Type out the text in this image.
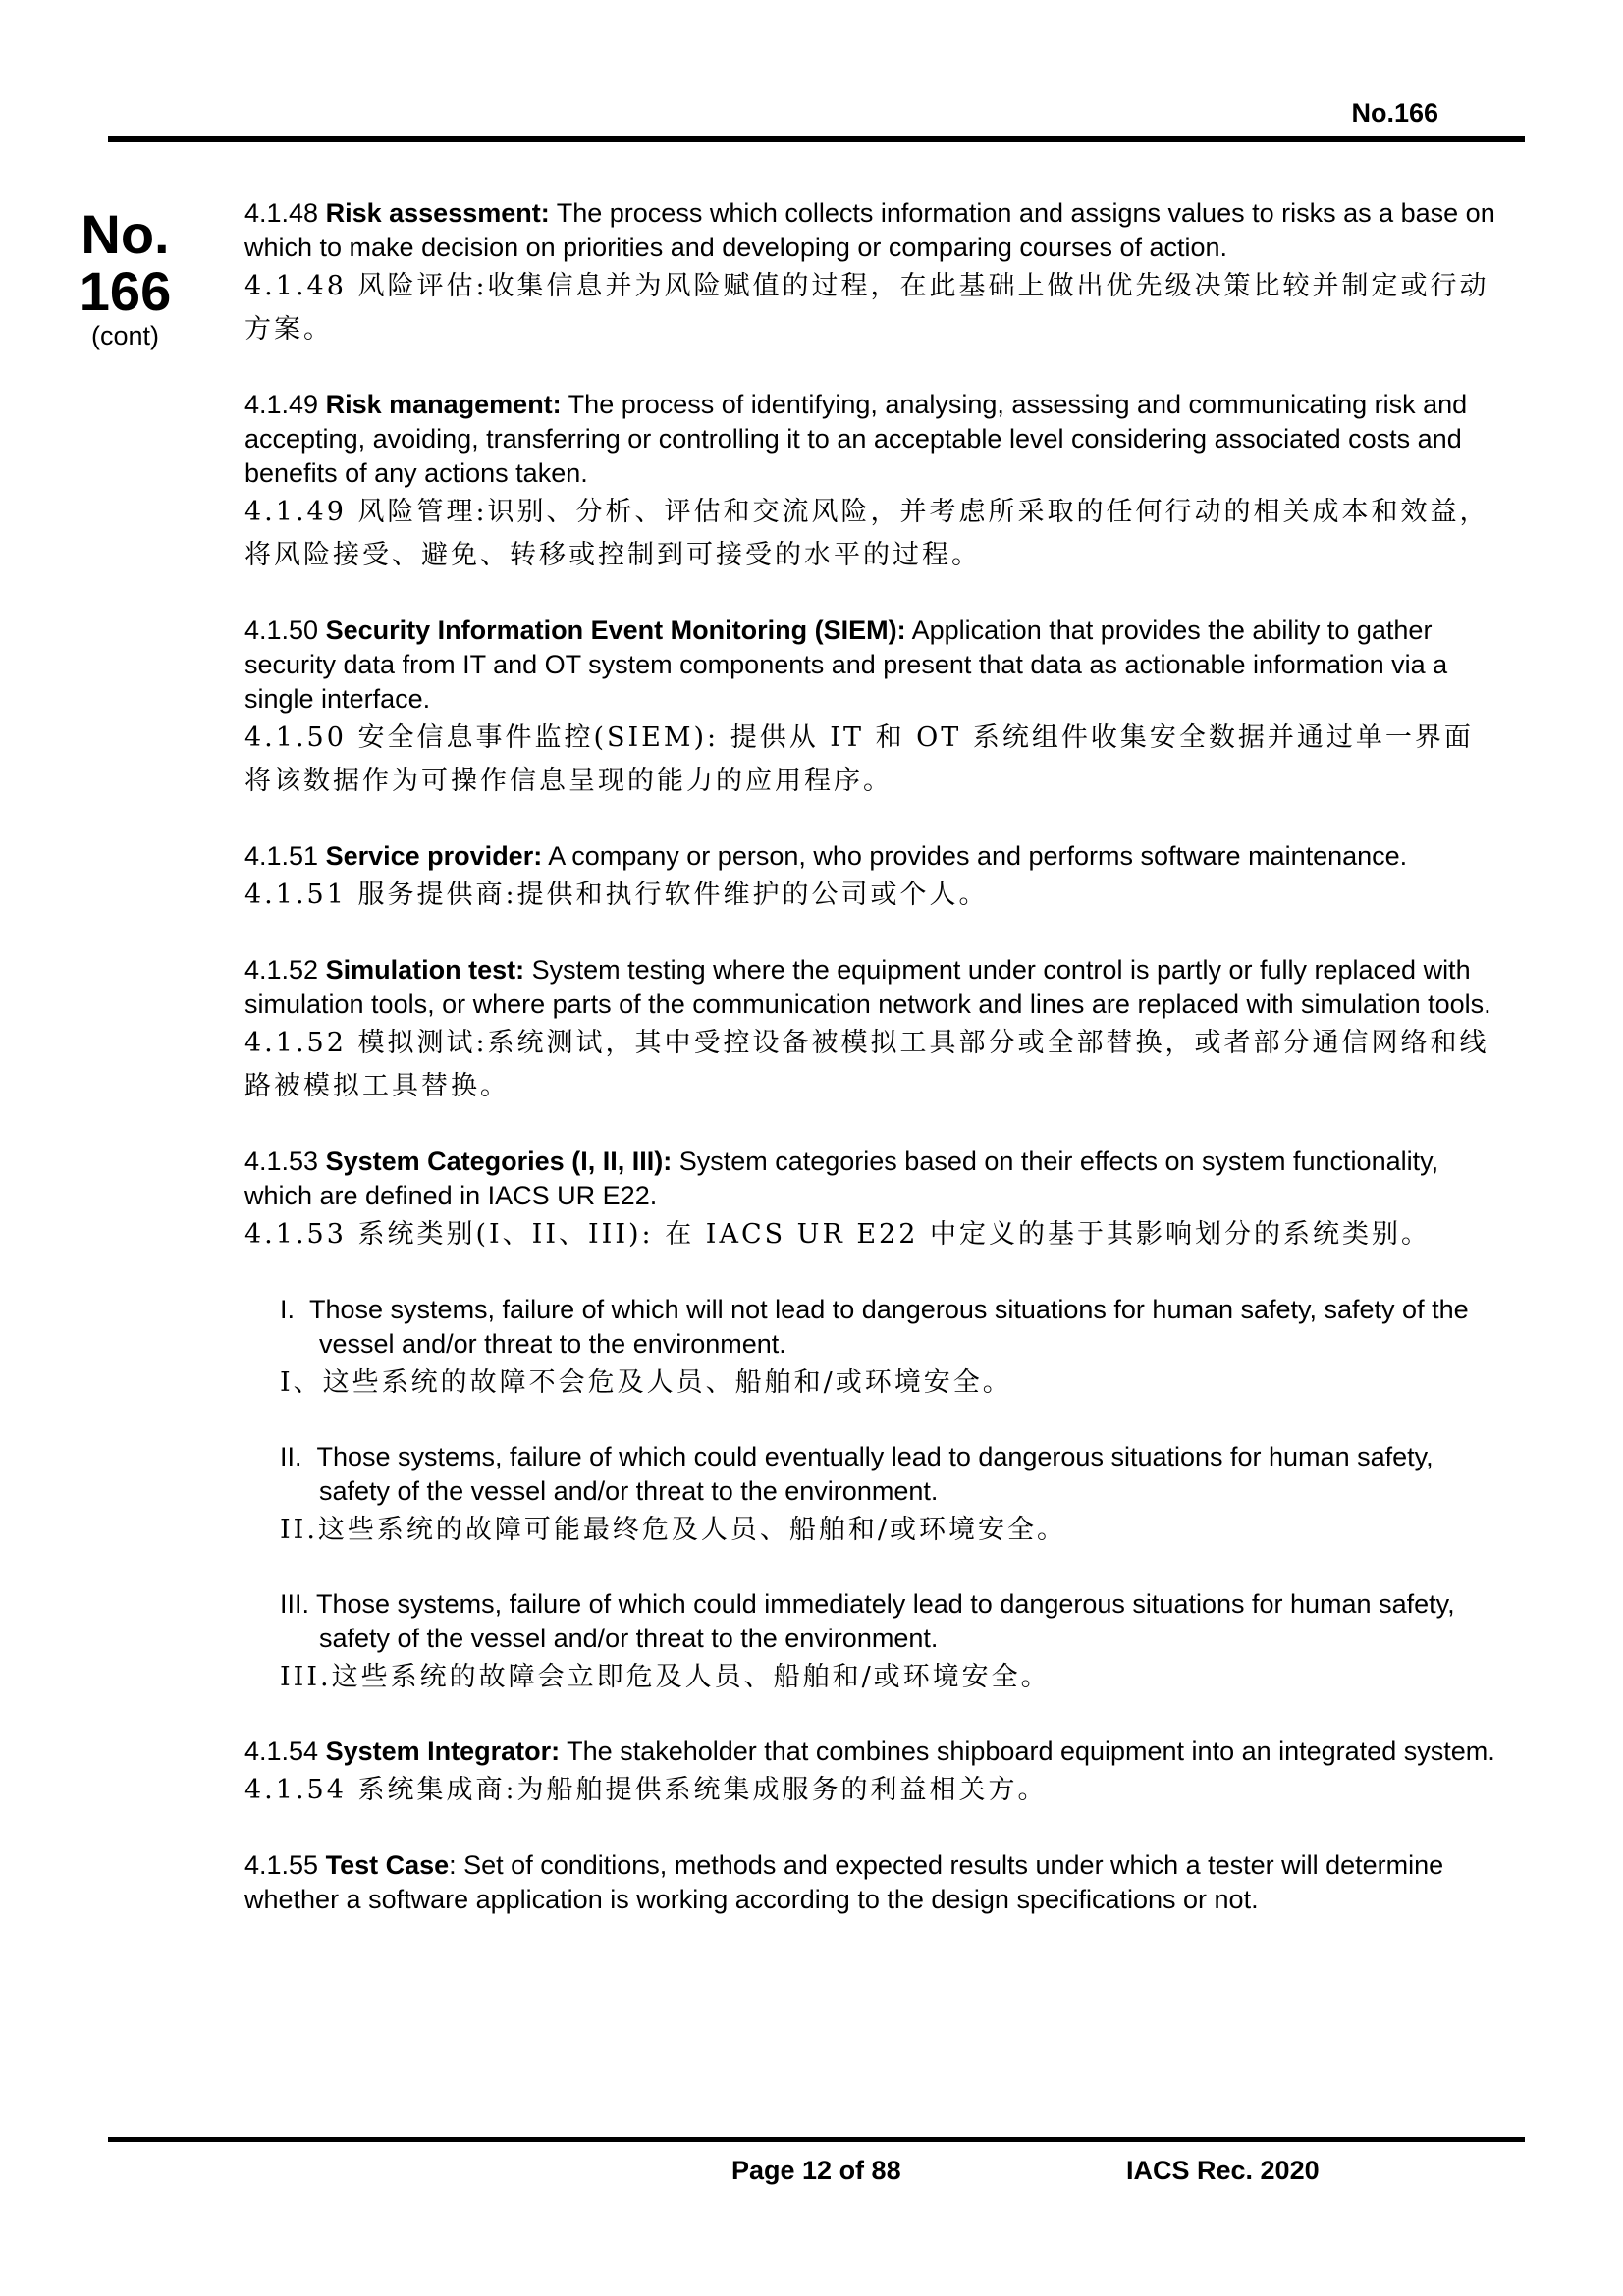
No.166
No.
166
(cont)
4.1.48 Risk assessment: The process which collects information and assigns values to risks as a base on which to make decision on priorities and developing or comparing courses of action.
4.1.48 风险评估:收集信息并为风险赋值的过程，在此基础上做出优先级决策比较并制定或行动方案。
4.1.49 Risk management: The process of identifying, analysing, assessing and communicating risk and accepting, avoiding, transferring or controlling it to an acceptable level considering associated costs and benefits of any actions taken.
4.1.49 风险管理:识别、分析、评估和交流风险，并考虑所采取的任何行动的相关成本和效益，将风险接受、避免、转移或控制到可接受的水平的过程。
4.1.50 Security Information Event Monitoring (SIEM): Application that provides the ability to gather security data from IT and OT system components and present that data as actionable information via a single interface.
4.1.50 安全信息事件监控(SIEM): 提供从 IT 和 OT 系统组件收集安全数据并通过单一界面将该数据作为可操作信息呈现的能力的应用程序。
4.1.51 Service provider: A company or person, who provides and performs software maintenance.
4.1.51 服务提供商:提供和执行软件维护的公司或个人。
4.1.52 Simulation test: System testing where the equipment under control is partly or fully replaced with simulation tools, or where parts of the communication network and lines are replaced with simulation tools.
4.1.52 模拟测试:系统测试，其中受控设备被模拟工具部分或全部替换，或者部分通信网络和线路被模拟工具替换。
4.1.53 System Categories (I, II, III): System categories based on their effects on system functionality, which are defined in IACS UR E22.
4.1.53 系统类别(I、II、III): 在 IACS UR E22 中定义的基于其影响划分的系统类别。
I.  Those systems, failure of which will not lead to dangerous situations for human safety, safety of the vessel and/or threat to the environment.
I、这些系统的故障不会危及人员、船舶和/或环境安全。
II.  Those systems, failure of which could eventually lead to dangerous situations for human safety, safety of the vessel and/or threat to the environment.
II.这些系统的故障可能最终危及人员、船舶和/或环境安全。
III. Those systems, failure of which could immediately lead to dangerous situations for human safety, safety of the vessel and/or threat to the environment.
III.这些系统的故障会立即危及人员、船舶和/或环境安全。
4.1.54 System Integrator: The stakeholder that combines shipboard equipment into an integrated system.
4.1.54 系统集成商:为船舶提供系统集成服务的利益相关方。
4.1.55 Test Case: Set of conditions, methods and expected results under which a tester will determine whether a software application is working according to the design specifications or not.
Page 12 of 88	IACS Rec. 2020
